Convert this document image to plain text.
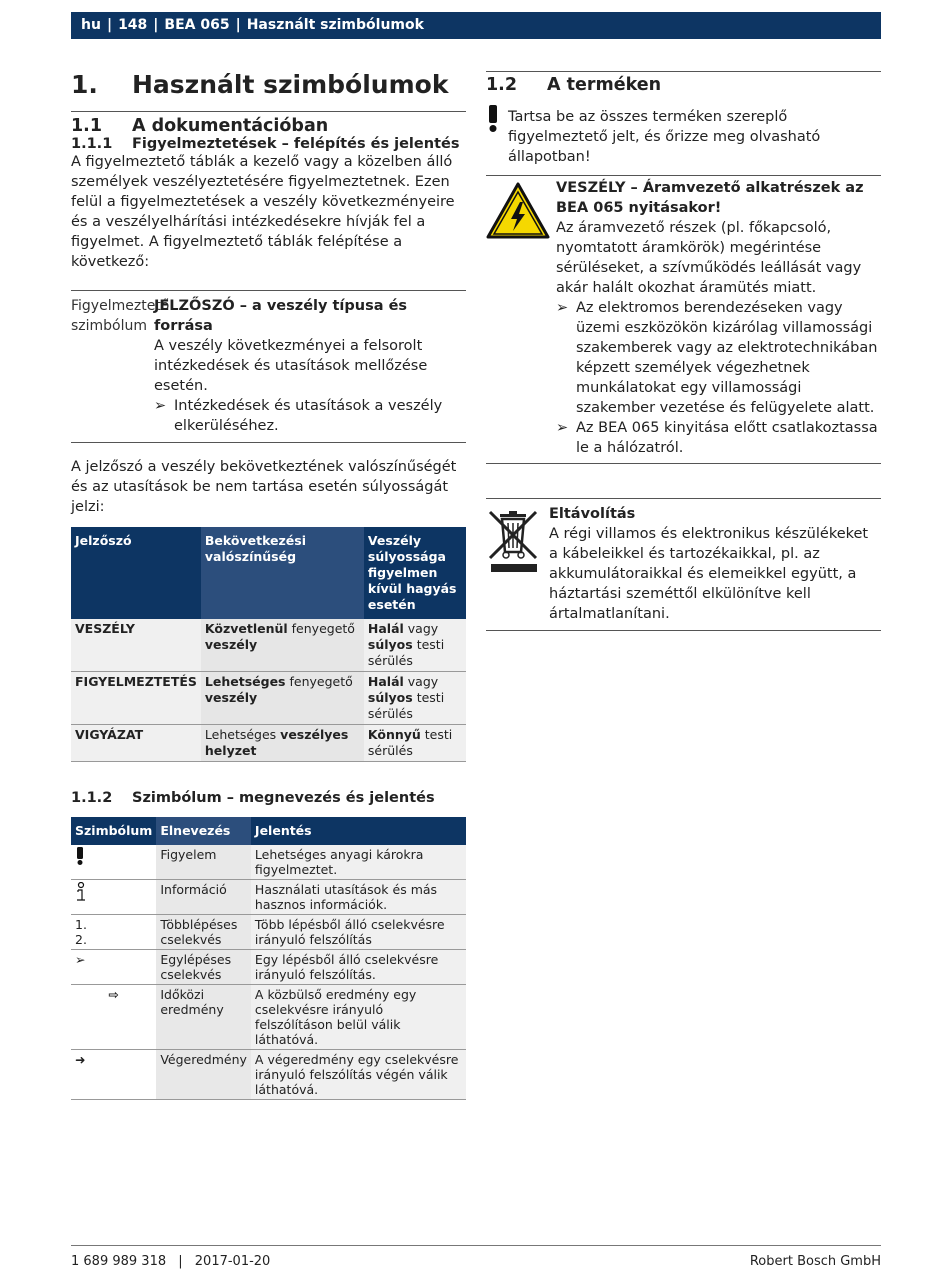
hu | 148 | BEA 065 | Használt szimbólumok
1. Használt szimbólumok
1.1 A dokumentációban
1.1.1 Figyelmeztetések – felépítés és jelentés

A figyelmeztető táblák a kezelő vagy a közelben álló személyek veszélyeztetésére figyelmeztetnek. Ezen felül a figyelmeztetések a veszély következményeire és a veszélyelhárítási intézkedésekre hívják fel a figyelmet. A figyelmeztető táblák felépítése a következő:

Figyelmeztető szimbólum

JELZŐSZÓ – a veszély típusa és forrása

A veszély következményei a felsorolt intézkedések és utasítások mellőzése esetén.

➢ Intézkedések és utasítások a veszély elkerüléséhez.

A jelzőszó a veszély bekövetkeztének valószínűségét és az utasítások be nem tartása esetén súlyosságát jelzi:

Jelzőszó	Bekövetkezési valószínűség	Veszély súlyossága figyelmen kívül hagyás esetén
VESZÉLY	Közvetlenül fenyegető veszély	Halál vagy súlyos testi sérülés
FIGYELMEZTETÉS	Lehetséges fenyegető veszély	Halál vagy súlyos testi sérülés
VIGYÁZAT	Lehetséges veszélyes helyzet	Könnyű testi sérülés
1.1.2 Szimbólum – megnevezés és jelentés
Szimbólum	Elnevezés	Jelentés
	Figyelem	Lehetséges anyagi károkra figyelmeztet.
	Információ	Használati utasítások és más hasznos információk.

1.
2.	Többlépéses cselekvés	Több lépésből álló cselekvésre irányuló felszólítás
➢	Egylépéses cselekvés	Egy lépésből álló cselekvésre irányuló felszólítás.
⇨	Időközi eredmény	A közbülső eredmény egy cselekvésre irányuló felszólításon belül válik láthatóvá.
➜	Végeredmény	A végeredmény egy cselekvésre irányuló felszólítás végén válik láthatóvá.
1.2 A terméken

Tartsa be az összes terméken szereplő figyelmeztető jelt, és őrizze meg olvasható állapotban!

VESZÉLY – Áramvezető alkatrészek az BEA 065 nyitásakor!

Az áramvezető részek (pl. főkapcsoló, nyomtatott áramkörök) megérintése sérüléseket, a szívműködés leállását vagy akár halált okozhat áramütés miatt.

➢ Az elektromos berendezéseken vagy üzemi eszközökön kizárólag villamossági szakemberek vagy az elektrotechnikában képzett személyek végezhetnek munkálatokat egy villamossági szakember vezetése és felügyelete alatt.
➢ Az BEA 065 kinyitása előtt csatlakoztassa le a hálózatról.

Eltávolítás

A régi villamos és elektronikus készülékeket a kábeleikkel és tartozékaikkal, pl. az akkumulátoraikkal és elemeikkel együtt, a háztartási szeméttől elkülönítve kell ártalmatlanítani.

1 689 989 318 | 2017-01-20	Robert Bosch GmbH
